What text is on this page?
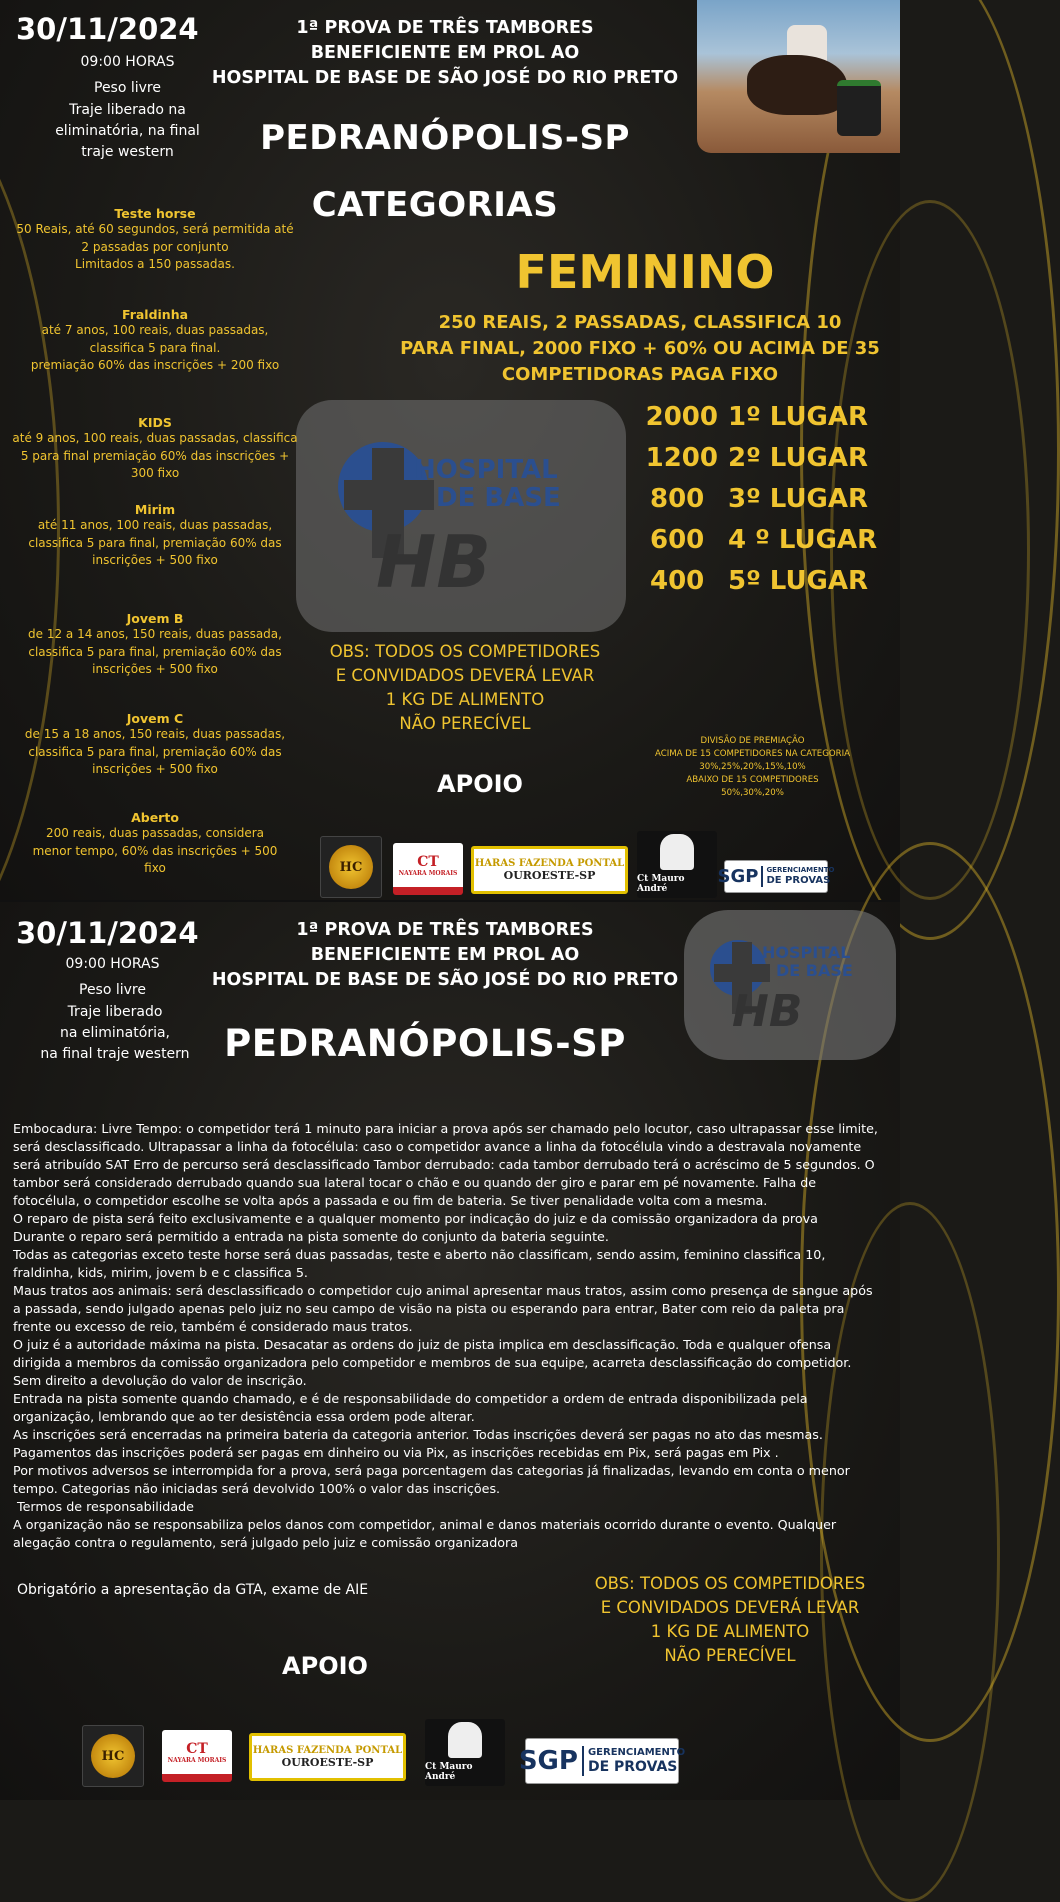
30/11/2024
09:00 HORAS
Peso livre
Traje liberado na
eliminatória, na final
traje western
1ª PROVA DE TRÊS TAMBORES
BENEFICIENTE EM PROL AO
HOSPITAL DE BASE DE SÃO JOSÉ DO RIO PRETO
PEDRANÓPOLIS-SP
CATEGORIAS
FEMININO
250 REAIS, 2 PASSADAS, CLASSIFICA 10
PARA FINAL, 2000 FIXO + 60% OU ACIMA DE 35
COMPETIDORAS PAGA FIXO
HB
HOSPITAL
DE BASE
2000 1º LUGAR
1200 2º LUGAR
800 3º LUGAR
600 4 º LUGAR
400 5º LUGAR
Teste horse
50 Reais, até 60 segundos, será permitida até
2 passadas por conjunto
Limitados a 150 passadas.
Fraldinha
até 7 anos, 100 reais, duas passadas,
classifica 5 para final.
premiação 60% das inscrições + 200 fixo
KIDS
até 9 anos, 100 reais, duas passadas, classifica
5 para final premiação 60% das inscrições +
300 fixo
Mirim
até 11 anos, 100 reais, duas passadas,
classifica 5 para final, premiação 60% das
inscrições + 500 fixo
Jovem B
de 12 a 14 anos, 150 reais, duas passada,
classifica 5 para final, premiação 60% das
inscrições + 500 fixo
Jovem C
de 15 a 18 anos, 150 reais, duas passadas,
classifica 5 para final, premiação 60% das
inscrições + 500 fixo
Aberto
200 reais, duas passadas, considera
menor tempo, 60% das inscrições + 500
fixo
OBS: TODOS OS COMPETIDORES
E CONVIDADOS DEVERÁ LEVAR
1 KG DE ALIMENTO
NÃO PERECÍVEL
DIVISÃO DE PREMIAÇÃO
ACIMA DE 15 COMPETIDORES NA CATEGORIA
30%,25%,20%,15%,10%
ABAIXO DE 15 COMPETIDORES
50%,30%,20%
APOIO
HC	CT
NAYARA MORAIS
HARAS FAZENDA PONTAL
OUROESTE-SP	Ct Mauro André
SGP	GERENCIAMENTO
DE PROVAS
30/11/2024
09:00 HORAS
Peso livre
Traje liberado
na eliminatória,
na final traje western
1ª PROVA DE TRÊS TAMBORES
BENEFICIENTE EM PROL AO
HOSPITAL DE BASE DE SÃO JOSÉ DO RIO PRETO
HB
HOSPITAL
DE BASE
PEDRANÓPOLIS-SP

Embocadura: Livre Tempo: o competidor terá 1 minuto para iniciar a prova após ser chamado pelo locutor, caso ultrapassar esse limite, será desclassificado. Ultrapassar a linha da fotocélula: caso o competidor avance a linha da fotocélula vindo a destravala novamente será atribuído SAT Erro de percurso será desclassificado Tambor derrubado: cada tambor derrubado terá o acréscimo de 5 segundos. O tambor será considerado derrubado quando sua lateral tocar o chão e ou quando der giro e parar em pé novamente. Falha de fotocélula, o competidor escolhe se volta após a passada e ou fim de bateria. Se tiver penalidade volta com a mesma.

O reparo de pista será feito exclusivamente e a qualquer momento por indicação do juiz e da comissão organizadora da prova

Durante o reparo será permitido a entrada na pista somente do conjunto da bateria seguinte.

Todas as categorias exceto teste horse será duas passadas, teste e aberto não classificam, sendo assim, feminino classifica 10, fraldinha, kids, mirim, jovem b e c classifica 5.

Maus tratos aos animais: será desclassificado o competidor cujo animal apresentar maus tratos, assim como presença de sangue após a passada, sendo julgado apenas pelo juiz no seu campo de visão na pista ou esperando para entrar, Bater com reio da paleta pra frente ou excesso de reio, também é considerado maus tratos.

O juiz é a autoridade máxima na pista. Desacatar as ordens do juiz de pista implica em desclassificação. Toda e qualquer ofensa dirigida a membros da comissão organizadora pelo competidor e membros de sua equipe, acarreta desclassificação do competidor. Sem direito a devolução do valor de inscrição.

Entrada na pista somente quando chamado, e é de responsabilidade do competidor a ordem de entrada disponibilizada pela organização, lembrando que ao ter desistência essa ordem pode alterar.

As inscrições será encerradas na primeira bateria da categoria anterior. Todas inscrições deverá ser pagas no ato das mesmas. Pagamentos das inscrições poderá ser pagas em dinheiro ou via Pix, as inscrições recebidas em Pix, será pagas em Pix .

Por motivos adversos se interrompida for a prova, será paga porcentagem das categorias já finalizadas, levando em conta o menor tempo. Categorias não iniciadas será devolvido 100% o valor das inscrições.

Termos de responsabilidade

A organização não se responsabiliza pelos danos com competidor, animal e danos materiais ocorrido durante o evento. Qualquer alegação contra o regulamento, será julgado pelo juiz e comissão organizadora

Obrigatório a apresentação da GTA, exame de AIE	OBS: TODOS OS COMPETIDORES
E CONVIDADOS DEVERÁ LEVAR
1 KG DE ALIMENTO
NÃO PERECÍVEL
APOIO
HC	CT
NAYARA MORAIS
HARAS FAZENDA PONTAL
OUROESTE-SP	Ct Mauro André
SGP	GERENCIAMENTO
DE PROVAS
